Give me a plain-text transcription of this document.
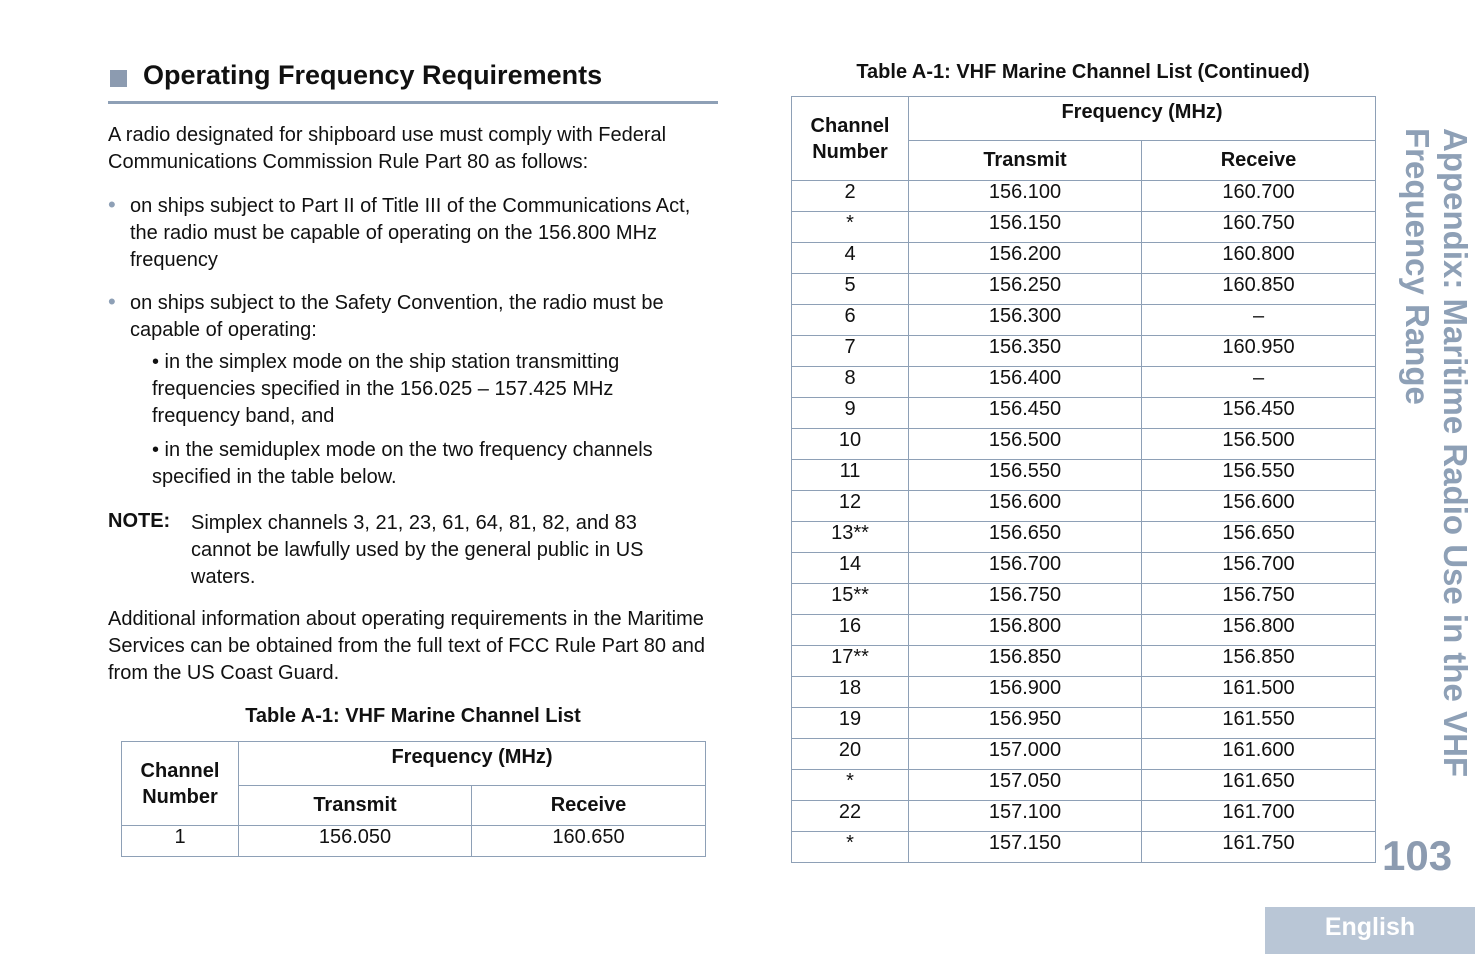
Operating Frequency Requirements

A radio designated for shipboard use must comply with Federal Communications Commission Rule Part 80 as follows:

• on ships subject to Part II of Title III of the Communications Act, the radio must be capable of operating on the 156.800 MHz frequency
• on ships subject to the Safety Convention, the radio must be capable of operating:
• in the simplex mode on the ship station transmitting frequencies specified in the 156.025 – 157.425 MHz frequency band, and
• in the semiduplex mode on the two frequency channels specified in the table below.
NOTE: Simplex channels 3, 21, 23, 61, 64, 81, 82, and 83 cannot be lawfully used by the general public in US waters.

Additional information about operating requirements in the Maritime Services can be obtained from the full text of FCC Rule Part 80 and from the US Coast Guard.

Table A-1: VHF Marine Channel List
Channel Number	Frequency (MHz)	
	Transmit	Receive
1	156.050	160.650
Table A-1: VHF Marine Channel List (Continued)
Channel Number	Frequency (MHz)	
	Transmit	Receive
2	156.100	160.700
*	156.150	160.750
4	156.200	160.800
5	156.250	160.850
6	156.300	–
7	156.350	160.950
8	156.400	–
9	156.450	156.450
10	156.500	156.500
11	156.550	156.550
12	156.600	156.600
13**	156.650	156.650
14	156.700	156.700
15**	156.750	156.750
16	156.800	156.800
17**	156.850	156.850
18	156.900	161.500
19	156.950	161.550
20	157.000	161.600
*	157.050	161.650
22	157.100	161.700
*	157.150	161.750
Appendix: Maritime Radio Use in the VHF
Frequency Range
103
English
